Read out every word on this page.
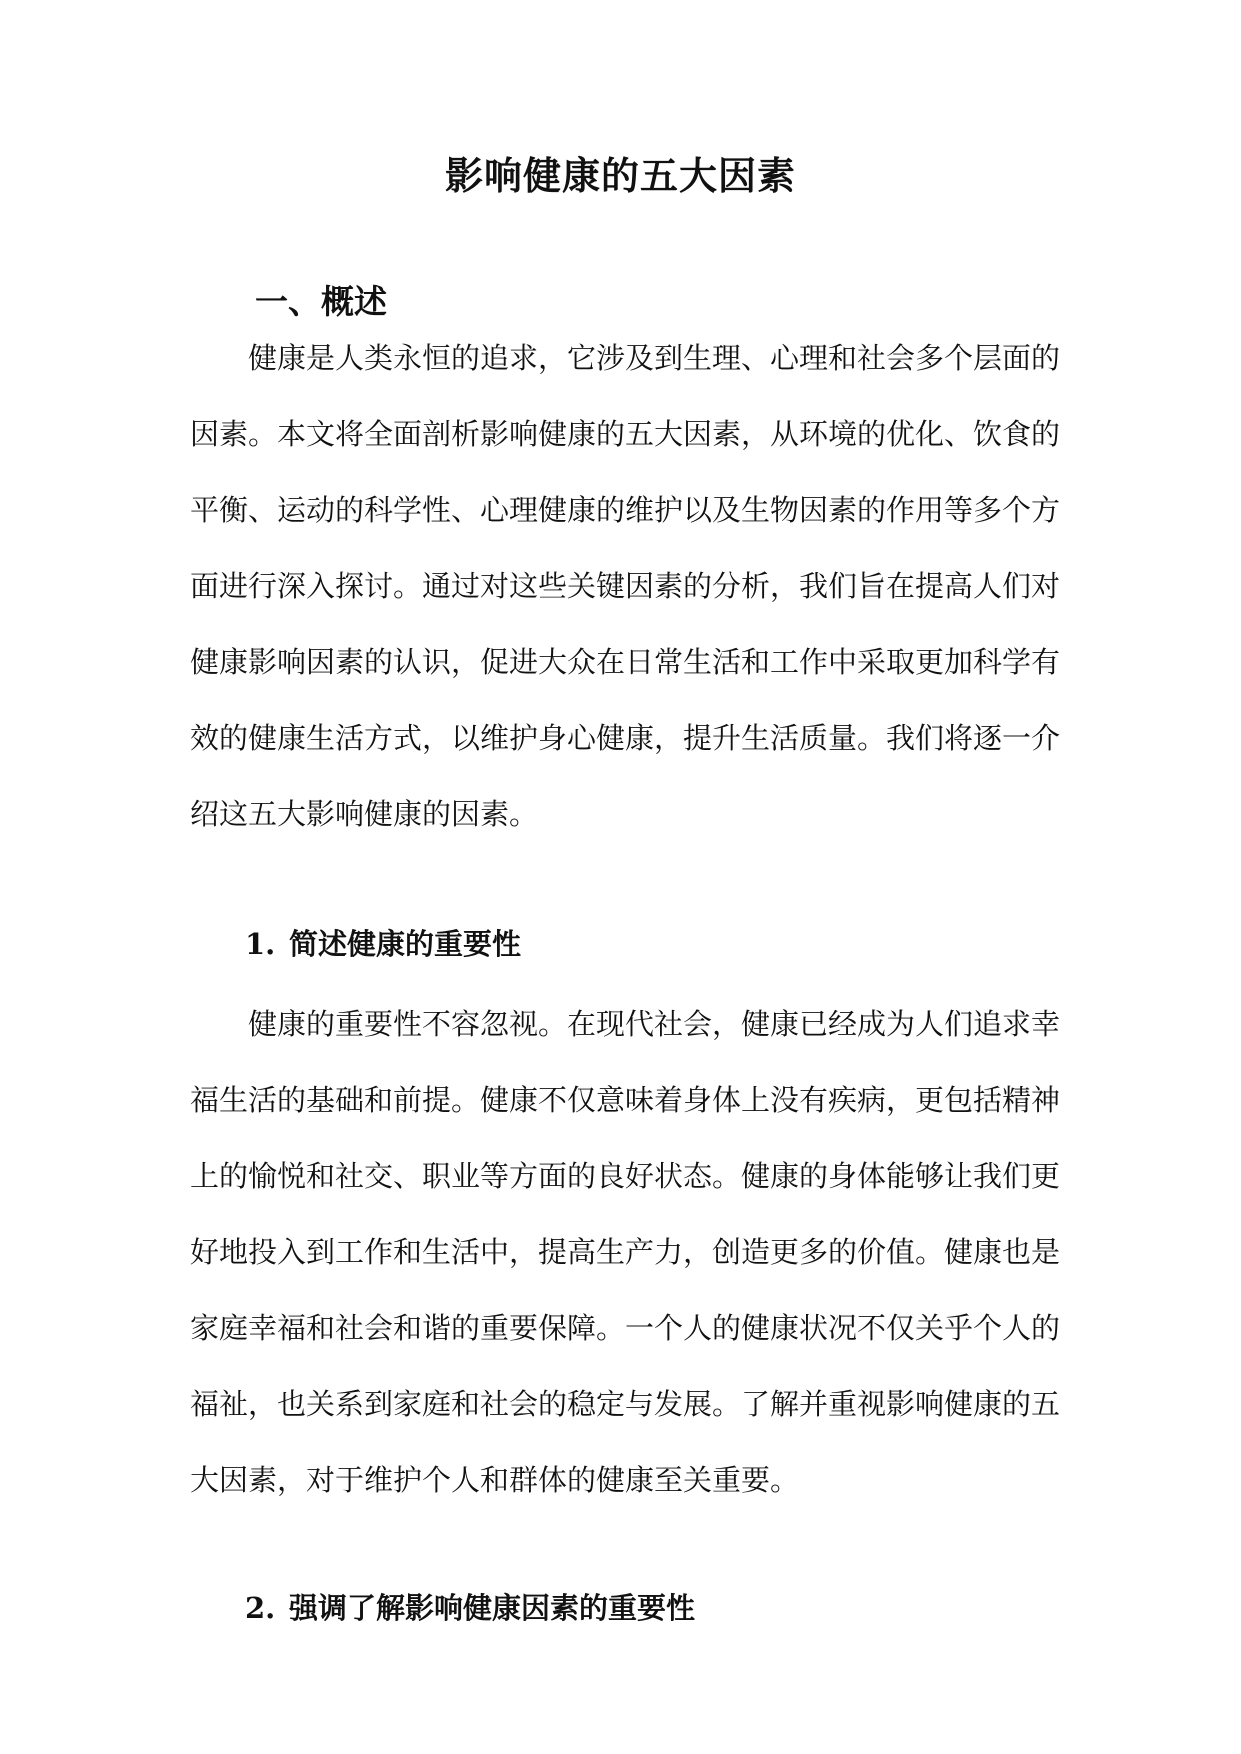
影响健康的五大因素
一、概述
健康是人类永恒的追求，它涉及到生理、心理和社会多个层面的
因素。本文将全面剖析影响健康的五大因素，从环境的优化、饮食的
平衡、运动的科学性、心理健康的维护以及生物因素的作用等多个方
面进行深入探讨。通过对这些关键因素的分析，我们旨在提高人们对
健康影响因素的认识，促进大众在日常生活和工作中采取更加科学有
效的健康生活方式，以维护身心健康，提升生活质量。我们将逐一介
绍这五大影响健康的因素。
1. 简述健康的重要性
健康的重要性不容忽视。在现代社会，健康已经成为人们追求幸
福生活的基础和前提。健康不仅意味着身体上没有疾病，更包括精神
上的愉悦和社交、职业等方面的良好状态。健康的身体能够让我们更
好地投入到工作和生活中，提高生产力，创造更多的价值。健康也是
家庭幸福和社会和谐的重要保障。一个人的健康状况不仅关乎个人的
福祉，也关系到家庭和社会的稳定与发展。了解并重视影响健康的五
大因素，对于维护个人和群体的健康至关重要。
2. 强调了解影响健康因素的重要性
